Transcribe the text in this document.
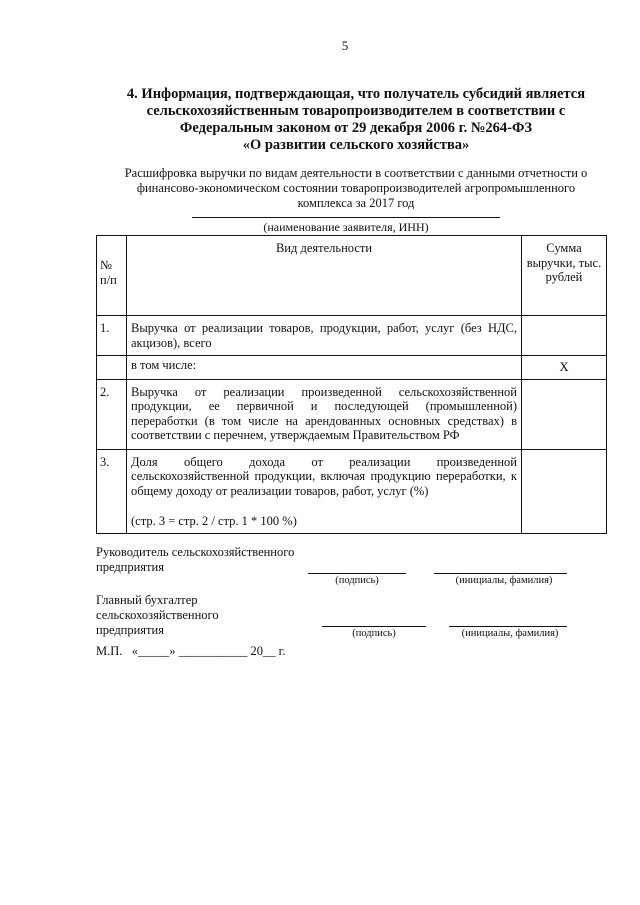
5
4. Информация, подтверждающая, что получатель субсидий является
сельскохозяйственным товаропроизводителем в соответствии с
Федеральным законом от 29 декабря 2006 г. №264-ФЗ
«О развитии сельского хозяйства»
Расшифровка выручки по видам деятельности в соответствии с данными отчетности о
финансово-экономическом состоянии товаропроизводителей агропромышленного
комплекса за 2017 год
(наименование заявителя, ИНН)
№ п/п	Вид деятельности	Сумма выручки, тыс. рублей
1.	Выручка от реализации товаров, продукции, работ, услуг (без НДС, акцизов), всего	
	в том числе:	Х
2.	Выручка от реализации произведенной сельскохозяйственной продукции, ее первичной и последующей (промышленной) переработки (в том числе на арендованных основных средствах) в соответствии с перечнем, утверждаемым Правительством РФ	
3.	Доля общего дохода от реализации произведенной сельскохозяйственной продукции, включая продукцию переработки, к общему доходу от реализации товаров, работ, услуг (%)
(стр. 3 = стр. 2 / стр. 1 * 100 %)	

Руководитель сельскохозяйственного
предприятия
(подпись)	(инициалы, фамилия)
Главный бухгалтер
сельскохозяйственного
предприятия	(подпись)	(инициалы, фамилия)
М.П.   «_____» ___________ 20__ г.
